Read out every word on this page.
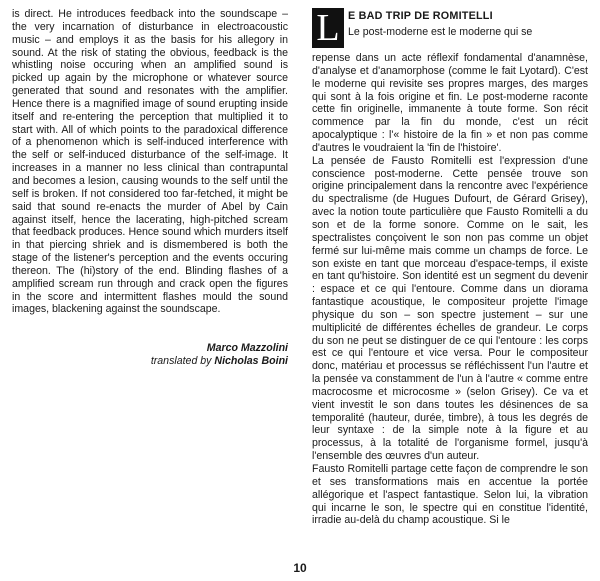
is direct. He introduces feedback into the soundscape – the very incarnation of disturbance in electroacoustic music – and employs it as the basis for his allegory in sound. At the risk of stating the obvious, feedback is the whistling noise occuring when an amplified sound is picked up again by the microphone or whatever source generated that sound and resonates with the amplifier. Hence there is a magnified image of sound erupting inside itself and re-entering the perception that multiplied it to start with. All of which points to the paradoxical difference of a phenomenon which is self-induced interference with the self or self-induced disturbance of the self-image. It increases in a manner no less clinical than contrapuntal and becomes a lesion, causing wounds to the self until the self is broken. If not considered too far-fetched, it might be said that sound re-enacts the murder of Abel by Cain against itself, hence the lacerating, high-pitched scream that feedback produces. Hence sound which murders itself in that piercing shriek and is dismembered is both the stage of the listener's perception and the events occuring thereon. The (hi)story of the end. Blinding flashes of a amplified scream run through and crack open the figures in the score and intermittent flashes mould the sound images, blackening against the soundscape.

Marco Mazzolini
translated by Nicholas Boini
L E BAD TRIP DE ROMITELLI

Le post-moderne est le moderne qui se

repense dans un acte réflexif fondamental d'anamnèse, d'analyse et d'anamorphose (comme le fait Lyotard). C'est le moderne qui revisite ses propres marges, des marges qui sont à la fois origine et fin. Le post-moderne raconte cette fin originelle, immanente à toute forme. Son récit commence par la fin du monde, c'est un récit apocalyptique : l'« histoire de la fin » et non pas comme d'autres le voudraient la 'fin de l'histoire'.

La pensée de Fausto Romitelli est l'expression d'une conscience post-moderne. Cette pensée trouve son origine principalement dans la rencontre avec l'expérience du spectralisme (de Hugues Dufourt, de Gérard Grisey), avec la notion toute particulière que Fausto Romitelli a du son et de la forme sonore. Comme on le sait, les spectralistes conçoivent le son non pas comme un objet fermé sur lui-même mais comme un champs de force. Le son existe en tant que morceau d'espace-temps, il existe en tant qu'histoire. Son identité est un segment du devenir : espace et ce qui l'entoure. Comme dans un diorama fantastique acoustique, le compositeur projette l'image physique du son – son spectre justement – sur une multiplicité de différentes échelles de grandeur. Le corps du son ne peut se distinguer de ce qui l'entoure : les corps est ce qui l'entoure et vice versa. Pour le compositeur donc, matériau et processus se réfléchissent l'un l'autre et la pensée va constamment de l'un à l'autre « comme entre macrocosme et microcosme » (selon Grisey). Ce va et vient investit le son dans toutes les désinences de sa temporalité (hauteur, durée, timbre), à tous les degrés de leur syntaxe : de la simple note à la figure et au processus, à la totalité de l'organisme formel, jusqu'à l'ensemble des œuvres d'un auteur.

Fausto Romitelli partage cette façon de comprendre le son et ses transformations mais en accentue la portée allégorique et l'aspect fantastique. Selon lui, la vibration qui incarne le son, le spectre qui en constitue l'identité, irradie au-delà du champ acoustique. Si le

10
